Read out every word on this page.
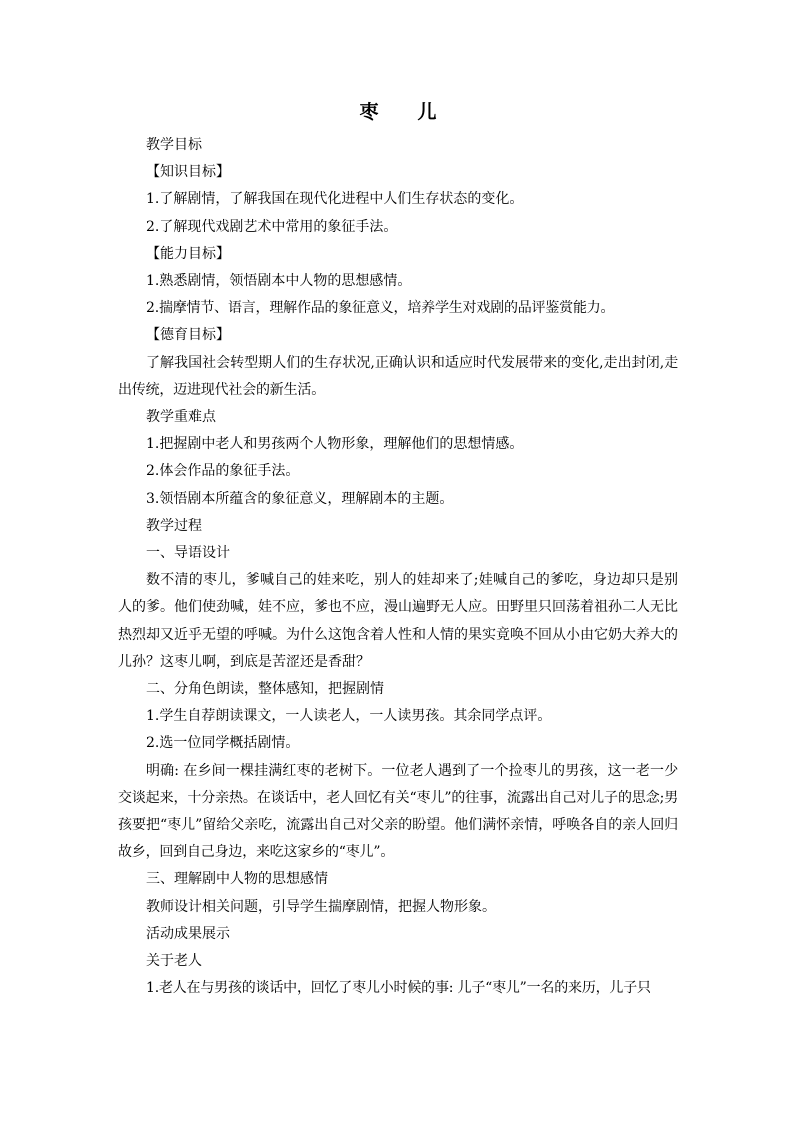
枣　儿

教学目标

【知识目标】

1.了解剧情，了解我国在现代化进程中人们生存状态的变化。

2.了解现代戏剧艺术中常用的象征手法。

【能力目标】

1.熟悉剧情，领悟剧本中人物的思想感情。

2.揣摩情节、语言，理解作品的象征意义，培养学生对戏剧的品评鉴赏能力。

【德育目标】

了解我国社会转型期人们的生存状况,正确认识和适应时代发展带来的变化,走出封闭,走出传统，迈进现代社会的新生活。

教学重难点

1.把握剧中老人和男孩两个人物形象，理解他们的思想情感。

2.体会作品的象征手法。

3.领悟剧本所蕴含的象征意义，理解剧本的主题。

教学过程

一、导语设计

数不清的枣儿，爹喊自己的娃来吃，别人的娃却来了;娃喊自己的爹吃，身边却只是别人的爹。他们使劲喊，娃不应，爹也不应，漫山遍野无人应。田野里只回荡着祖孙二人无比热烈却又近乎无望的呼喊。为什么这饱含着人性和人情的果实竟唤不回从小由它奶大养大的儿孙？这枣儿啊，到底是苦涩还是香甜？

二、分角色朗读，整体感知，把握剧情

1.学生自荐朗读课文，一人读老人，一人读男孩。其余同学点评。

2.选一位同学概括剧情。

明确: 在乡间一棵挂满红枣的老树下。一位老人遇到了一个捡枣儿的男孩，这一老一少交谈起来，十分亲热。在谈话中，老人回忆有关“枣儿”的往事，流露出自己对儿子的思念;男孩要把“枣儿”留给父亲吃，流露出自己对父亲的盼望。他们满怀亲情，呼唤各自的亲人回归故乡，回到自己身边，来吃这家乡的“枣儿”。

三、理解剧中人物的思想感情

教师设计相关问题，引导学生揣摩剧情，把握人物形象。

活动成果展示

关于老人

1.老人在与男孩的谈话中，回忆了枣儿小时候的事: 儿子“枣儿”一名的来历，儿子只
